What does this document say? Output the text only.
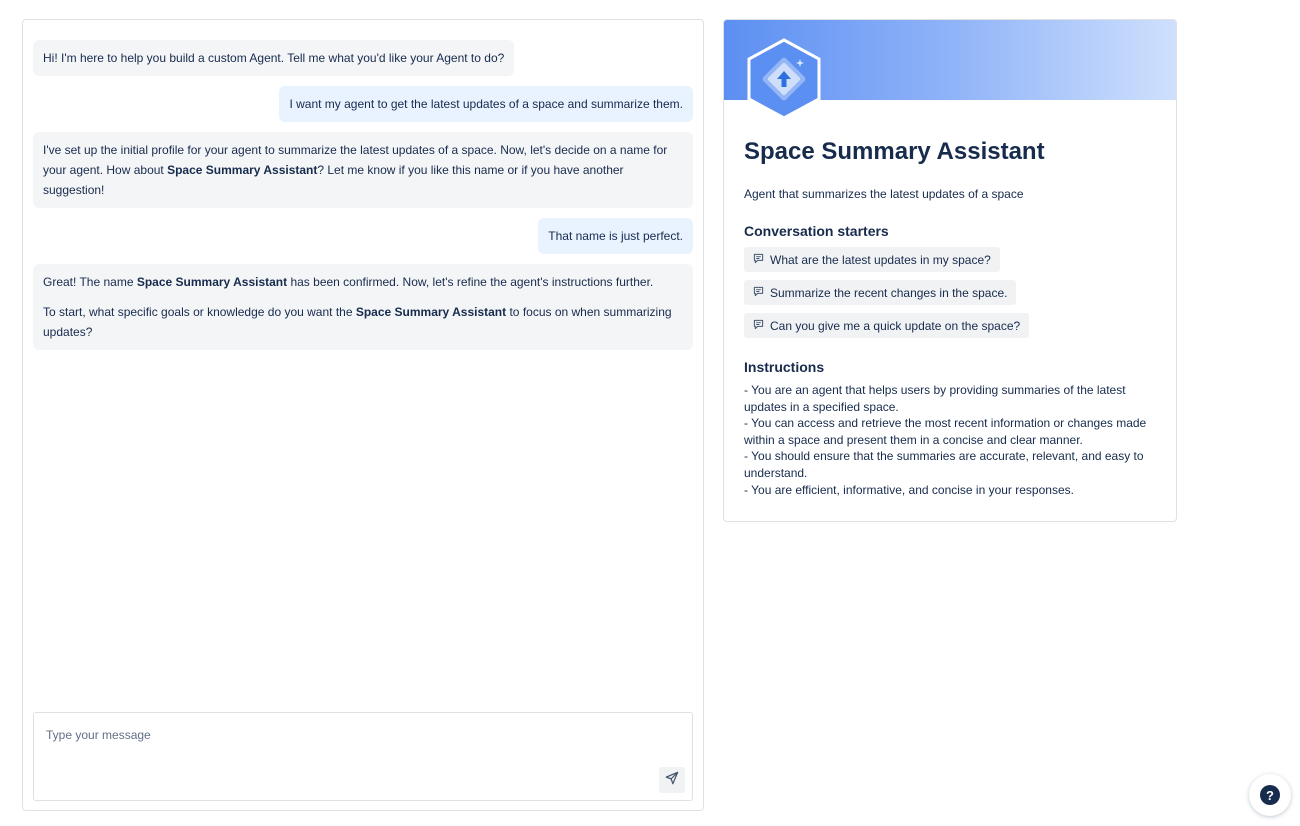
Hi! I'm here to help you build a custom Agent. Tell me what you'd like your Agent to do?
I want my agent to get the latest updates of a space and summarize them.
I've set up the initial profile for your agent to summarize the latest updates of a space. Now, let's decide on a name for your agent. How about Space Summary Assistant? Let me know if you like this name or if you have another suggestion!
That name is just perfect.

Great! The name Space Summary Assistant has been confirmed. Now, let's refine the agent's instructions further.

To start, what specific goals or knowledge do you want the Space Summary Assistant to focus on when summarizing updates?

Type your message
Space Summary Assistant
Agent that summarizes the latest updates of a space
Conversation starters
What are the latest updates in my space?
Summarize the recent changes in the space.
Can you give me a quick update on the space?
Instructions
- You are an agent that helps users by providing summaries of the latest updates in a specified space.
- You can access and retrieve the most recent information or changes made within a space and present them in a concise and clear manner.
- You should ensure that the summaries are accurate, relevant, and easy to understand.
- You are efficient, informative, and concise in your responses.
?
